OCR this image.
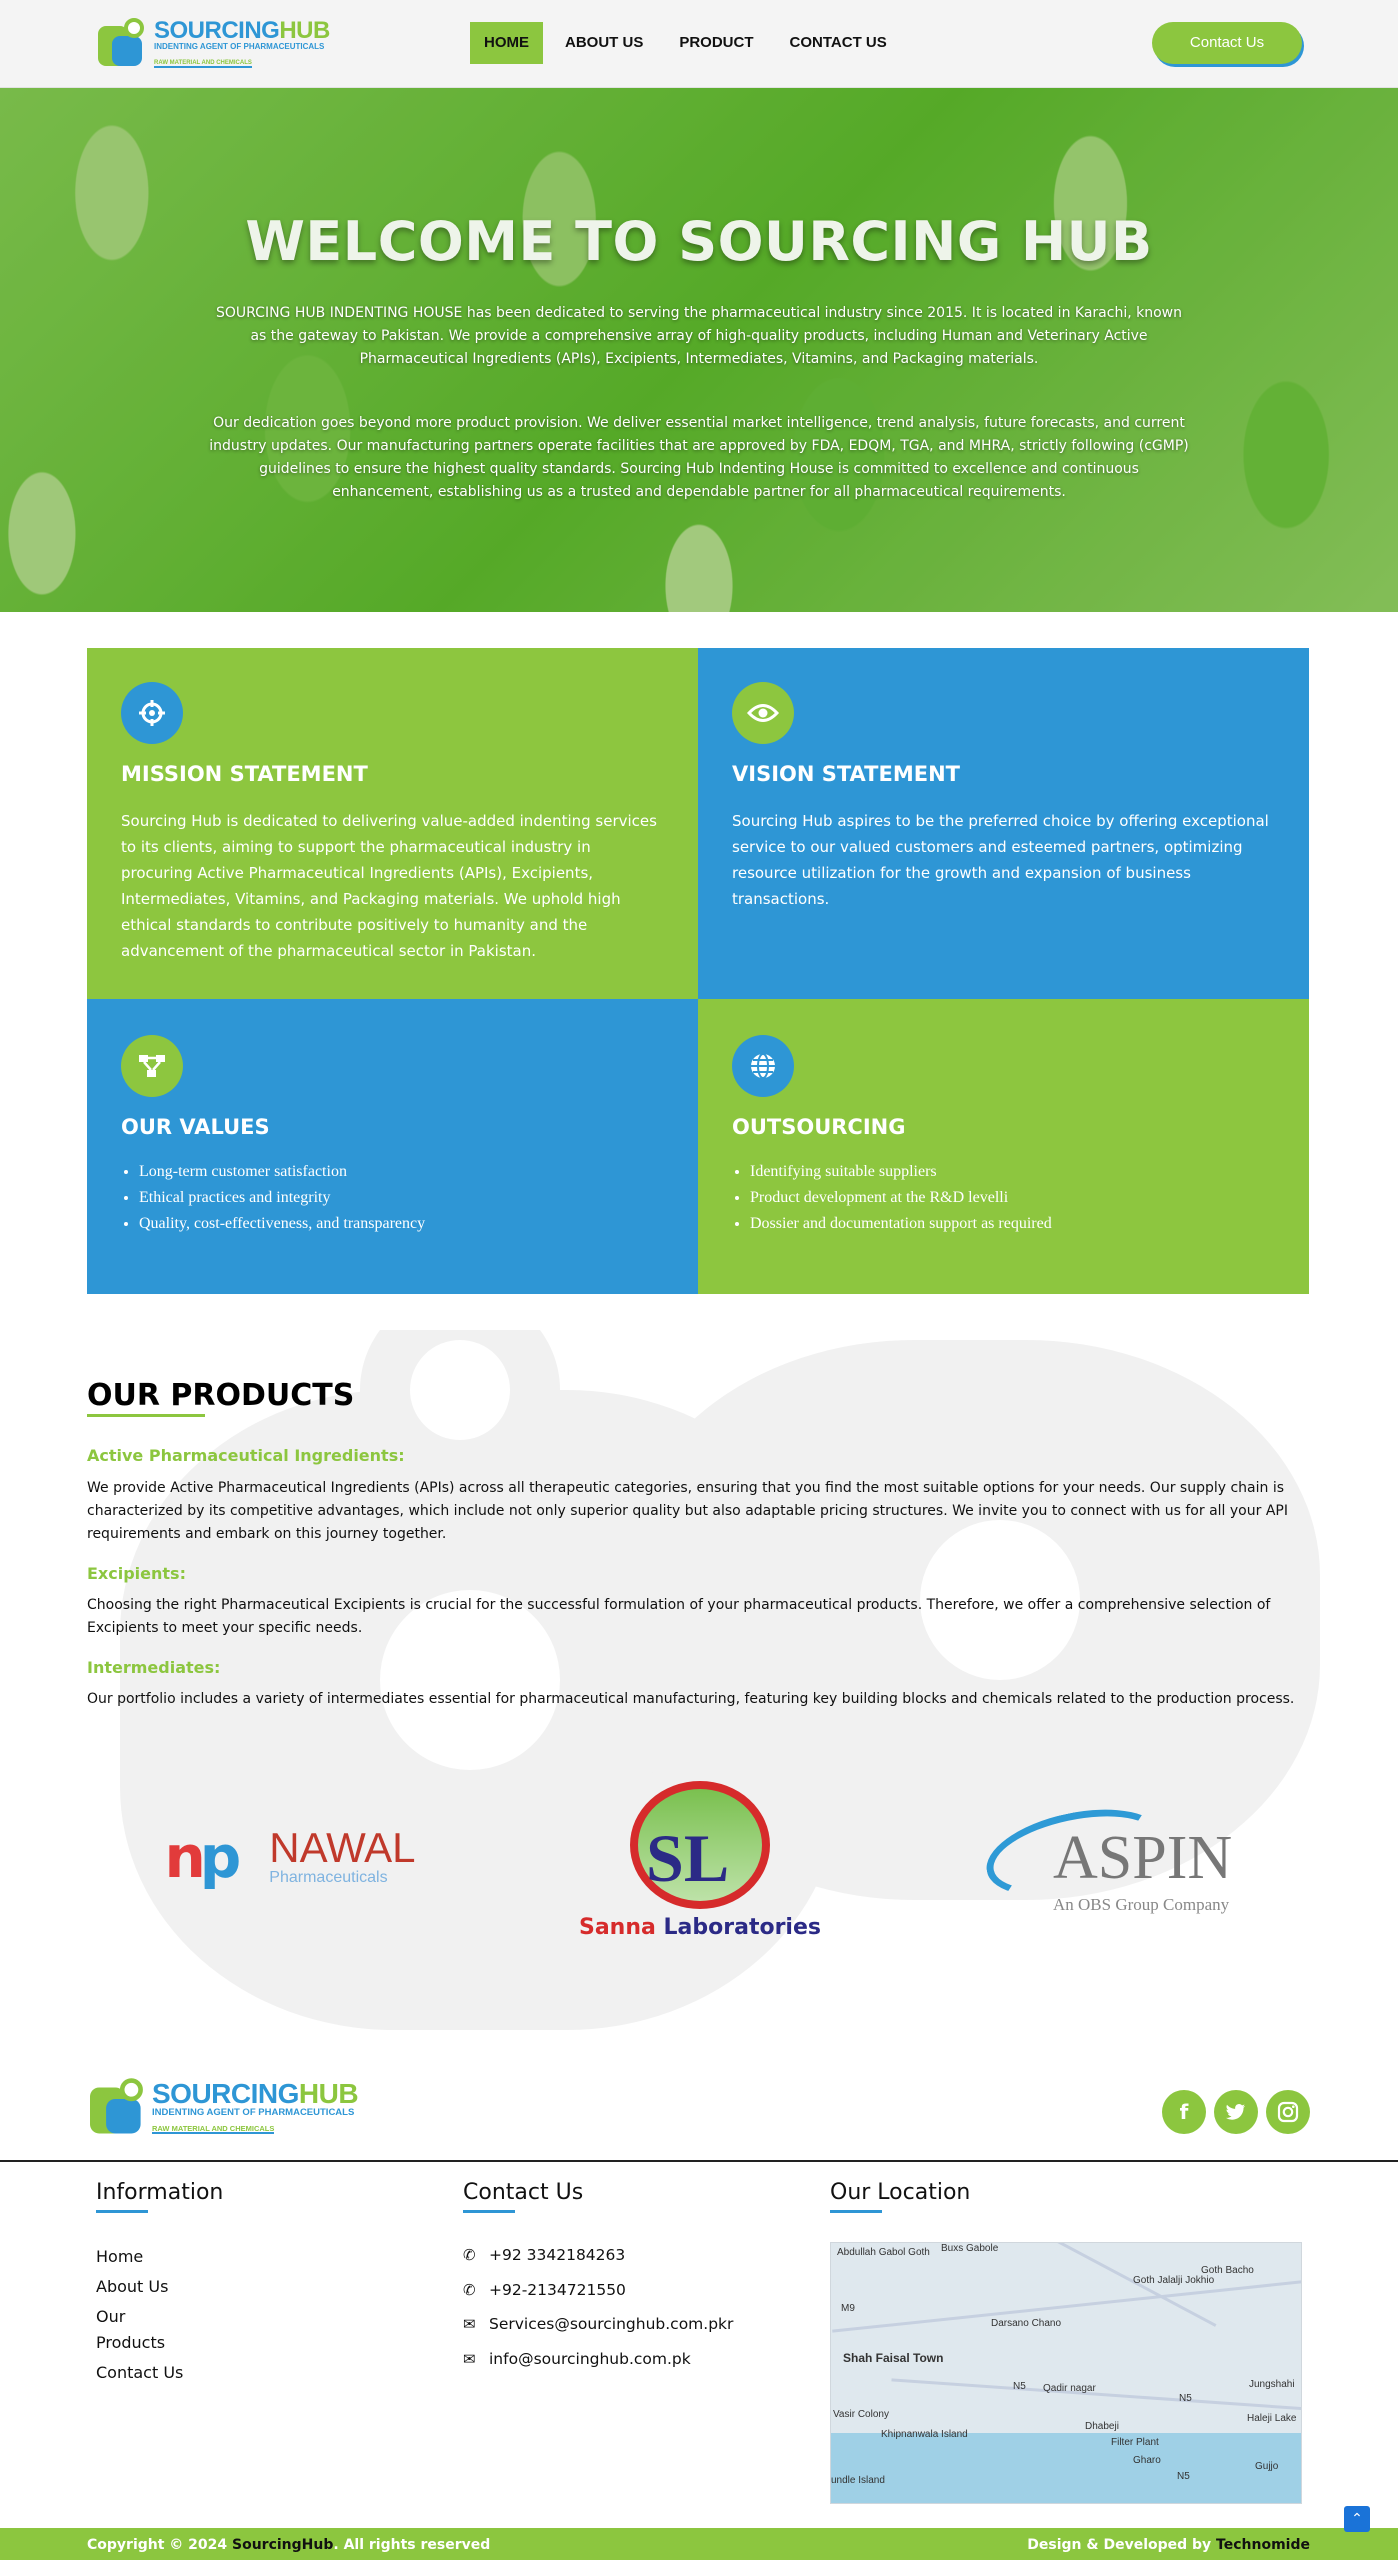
SOURCINGHUB
INDENTING AGENT OF PHARMACEUTICALS
RAW MATERIAL AND CHEMICALS
HOME	ABOUT US	PRODUCT	CONTACT US	Contact Us
WELCOME TO SOURCING HUB

SOURCING HUB INDENTING HOUSE has been dedicated to serving the pharmaceutical industry since 2015. It is located in Karachi, known as the gateway to Pakistan. We provide a comprehensive array of high-quality products, including Human and Veterinary Active Pharmaceutical Ingredients (APIs), Excipients, Intermediates, Vitamins, and Packaging materials.

Our dedication goes beyond more product provision. We deliver essential market intelligence, trend analysis, future forecasts, and current industry updates. Our manufacturing partners operate facilities that are approved by FDA, EDQM, TGA, and MHRA, strictly following (cGMP) guidelines to ensure the highest quality standards. Sourcing Hub Indenting House is committed to excellence and continuous enhancement, establishing us as a trusted and dependable partner for all pharmaceutical requirements.

MISSION STATEMENT

Sourcing Hub is dedicated to delivering value-added indenting services to its clients, aiming to support the pharmaceutical industry in procuring Active Pharmaceutical Ingredients (APIs), Excipients, Intermediates, Vitamins, and Packaging materials. We uphold high ethical standards to contribute positively to humanity and the advancement of the pharmaceutical sector in Pakistan.

VISION STATEMENT

Sourcing Hub aspires to be the preferred choice by offering exceptional service to our valued customers and esteemed partners, optimizing resource utilization for the growth and expansion of business transactions.

OUR VALUES
• Long-term customer satisfaction
• Ethical practices and integrity
• Quality, cost-effectiveness, and transparency
OUTSOURCING
• Identifying suitable suppliers
• Product development at the R&D levelli
• Dossier and documentation support as required
OUR PRODUCTS
Active Pharmaceutical Ingredients:
We provide Active Pharmaceutical Ingredients (APIs) across all therapeutic categories, ensuring that you find the most suitable options for your needs. Our supply chain is characterized by its competitive advantages, which include not only superior quality but also adaptable pricing structures. We invite you to connect with us for all your API requirements and embark on this journey together.
Excipients:
Choosing the right Pharmaceutical Excipients is crucial for the successful formulation of your pharmaceutical products. Therefore, we offer a comprehensive selection of Excipients to meet your specific needs.
Intermediates:
Our portfolio includes a variety of intermediates essential for pharmaceutical manufacturing, featuring key building blocks and chemicals related to the production process.
np NAWAL
Pharmaceuticals	SL
Sanna Laboratories
ASPIN
An OBS Group Company
SOURCINGHUB
INDENTING AGENT OF PHARMACEUTICALS
RAW MATERIAL AND CHEMICALS
f
Information
Home
About Us
Our
Products
Contact Us
Contact Us
✆ +92 3342184263
✆ +92-2134721550
✉ Services@sourcinghub.com.pkr
✉ info@sourcinghub.com.pk
Our Location
Abdullah Gabol Goth Buxs Gabole
Goth Bacho
Goth Jalalji Jokhio
Darsano Chano
Shah Faisal Town
Qadir nagar	Jungshahi
Haleji Lake
Dhabeji
Filter Plant
Gharo
Gujjo
Khipnanwala Island
Vasir Colony
undle Island
N5
N5
N5
M9
Copyright © 2024 SourcingHub. All rights reserved	Design & Developed by Technomide
⌃
